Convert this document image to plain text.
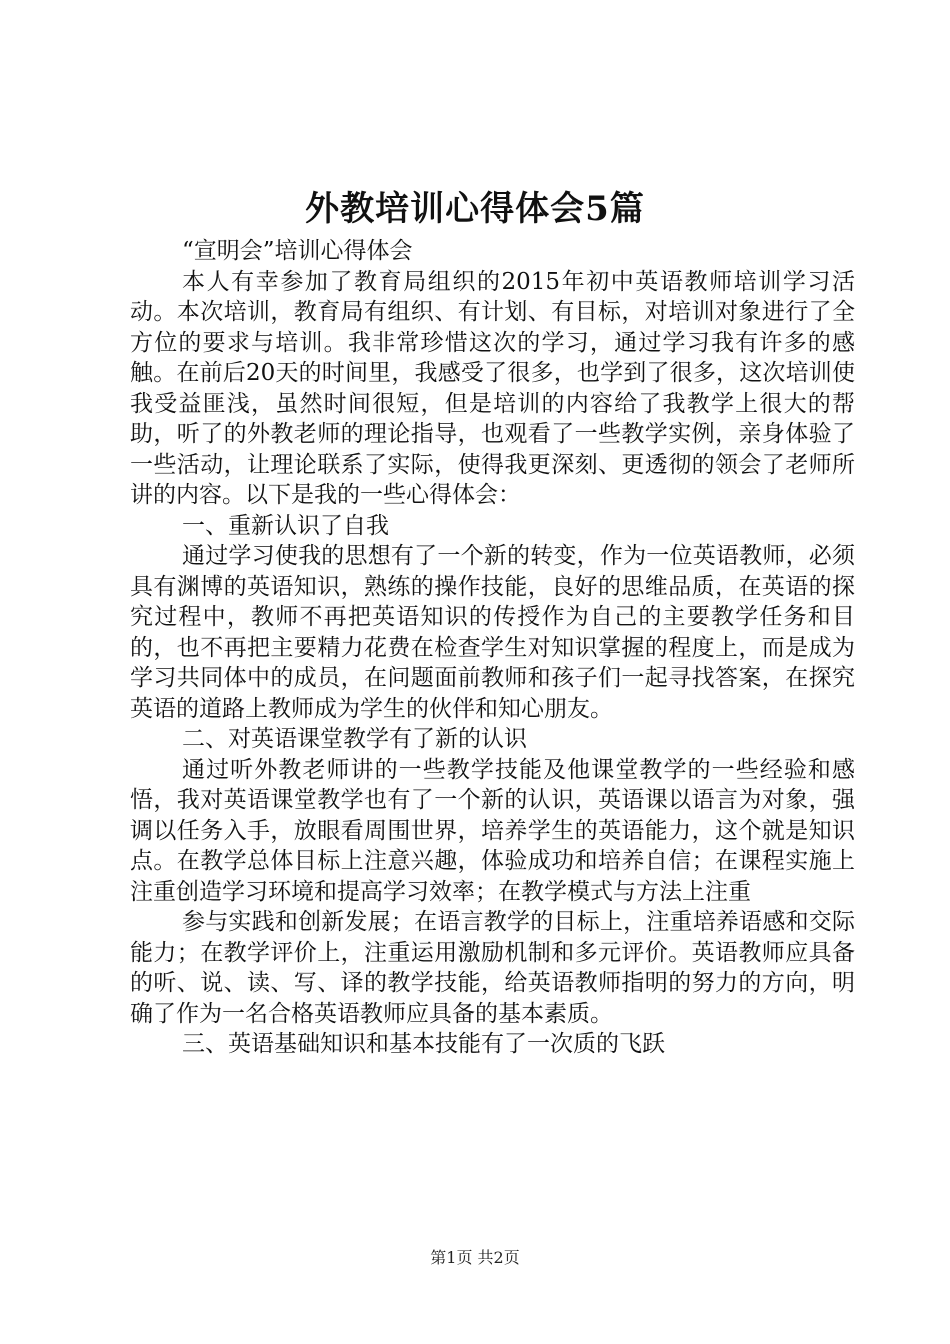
外教培训心得体会5篇

“宣明会”培训心得体会

本人有幸参加了教育局组织的2015年初中英语教师培训学习活动。本次培训，教育局有组织、有计划、有目标，对培训对象进行了全方位的要求与培训。我非常珍惜这次的学习，通过学习我有许多的感触。在前后20天的时间里，我感受了很多，也学到了很多，这次培训使我受益匪浅，虽然时间很短，但是培训的内容给了我教学上很大的帮助，听了的外教老师的理论指导，也观看了一些教学实例，亲身体验了一些活动，让理论联系了实际，使得我更深刻、更透彻的领会了老师所讲的内容。以下是我的一些心得体会：

一、重新认识了自我

通过学习使我的思想有了一个新的转变，作为一位英语教师，必须具有渊博的英语知识，熟练的操作技能，良好的思维品质，在英语的探究过程中，教师不再把英语知识的传授作为自己的主要教学任务和目的，也不再把主要精力花费在检查学生对知识掌握的程度上，而是成为学习共同体中的成员，在问题面前教师和孩子们一起寻找答案，在探究英语的道路上教师成为学生的伙伴和知心朋友。

二、对英语课堂教学有了新的认识

通过听外教老师讲的一些教学技能及他课堂教学的一些经验和感悟，我对英语课堂教学也有了一个新的认识，英语课以语言为对象，强调以任务入手，放眼看周围世界，培养学生的英语能力，这个就是知识点。在教学总体目标上注意兴趣，体验成功和培养自信；在课程实施上注重创造学习环境和提高学习效率；在教学模式与方法上注重

参与实践和创新发展；在语言教学的目标上，注重培养语感和交际能力；在教学评价上，注重运用激励机制和多元评价。英语教师应具备的听、说、读、写、译的教学技能，给英语教师指明的努力的方向，明确了作为一名合格英语教师应具备的基本素质。

三、英语基础知识和基本技能有了一次质的飞跃

第1页 共2页
